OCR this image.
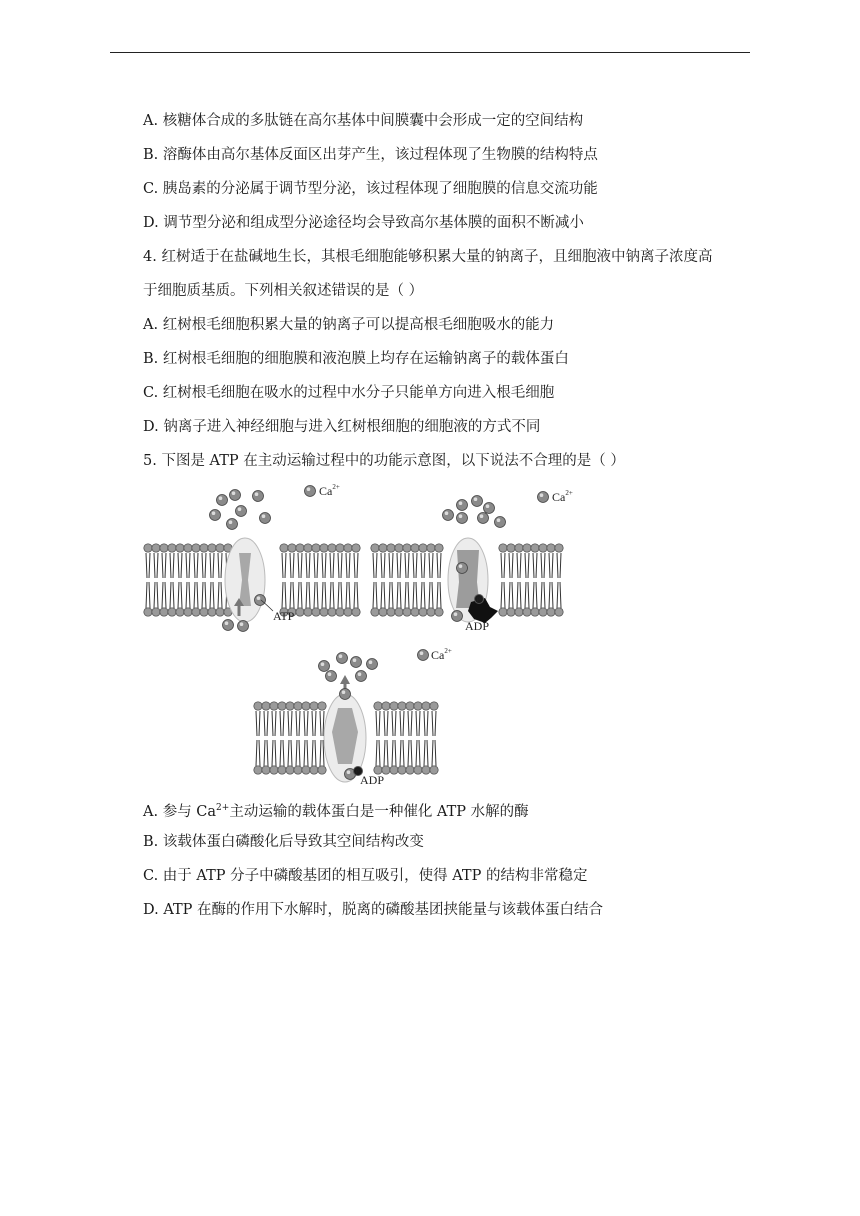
A. 核糖体合成的多肽链在高尔基体中间膜囊中会形成一定的空间结构
B. 溶酶体由高尔基体反面区出芽产生，该过程体现了生物膜的结构特点
C. 胰岛素的分泌属于调节型分泌，该过程体现了细胞膜的信息交流功能
D. 调节型分泌和组成型分泌途径均会导致高尔基体膜的面积不断减小
4. 红树适于在盐碱地生长，其根毛细胞能够积累大量的钠离子，且细胞液中钠离子浓度高
于细胞质基质。下列相关叙述错误的是（ ）
A. 红树根毛细胞积累大量的钠离子可以提高根毛细胞吸水的能力
B. 红树根毛细胞的细胞膜和液泡膜上均存在运输钠离子的载体蛋白
C. 红树根毛细胞在吸水的过程中水分子只能单方向进入根毛细胞
D. 钠离子进入神经细胞与进入红树根细胞的细胞液的方式不同
5. 下图是 ATP 在主动运输过程中的功能示意图，以下说法不合理的是（ ）
$Ca^{2+}$
ATP
$Ca^{2+}$
P
ADP
$Ca^{2+}$
P
ADP
A. 参与 $Ca^{2+}$主动运输的载体蛋白是一种催化 ATP 水解的酶
B. 该载体蛋白磷酸化后导致其空间结构改变
C. 由于 ATP 分子中磷酸基团的相互吸引，使得 ATP 的结构非常稳定
D. ATP 在酶的作用下水解时，脱离的磷酸基团挟能量与该载体蛋白结合
